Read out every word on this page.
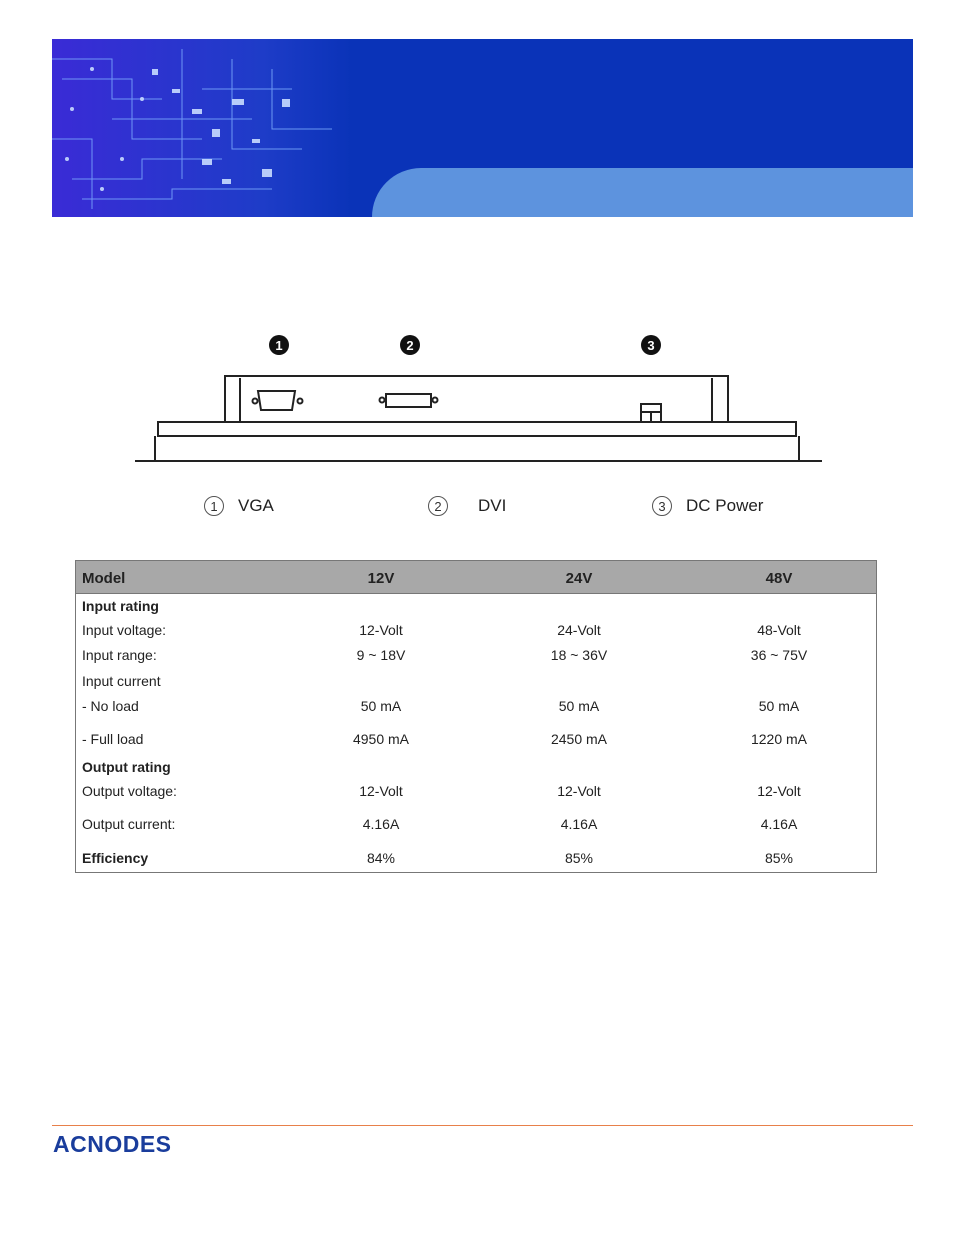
1	2	3
1	VGA	2	DVI	3	DC Power
Model	12V	24V	48V
Input rating
Input voltage:	12-Volt	24-Volt	48-Volt
Input range:	9 ~ 18V	18 ~ 36V	36 ~ 75V
Input current
- No load	50 mA	50 mA	50 mA
- Full load	4950 mA	2450 mA	1220 mA
Output rating
Output voltage:	12-Volt	12-Volt	12-Volt
Output current:	4.16A	4.16A	4.16A
Efficiency	84%	85%	85%
ACNODES
